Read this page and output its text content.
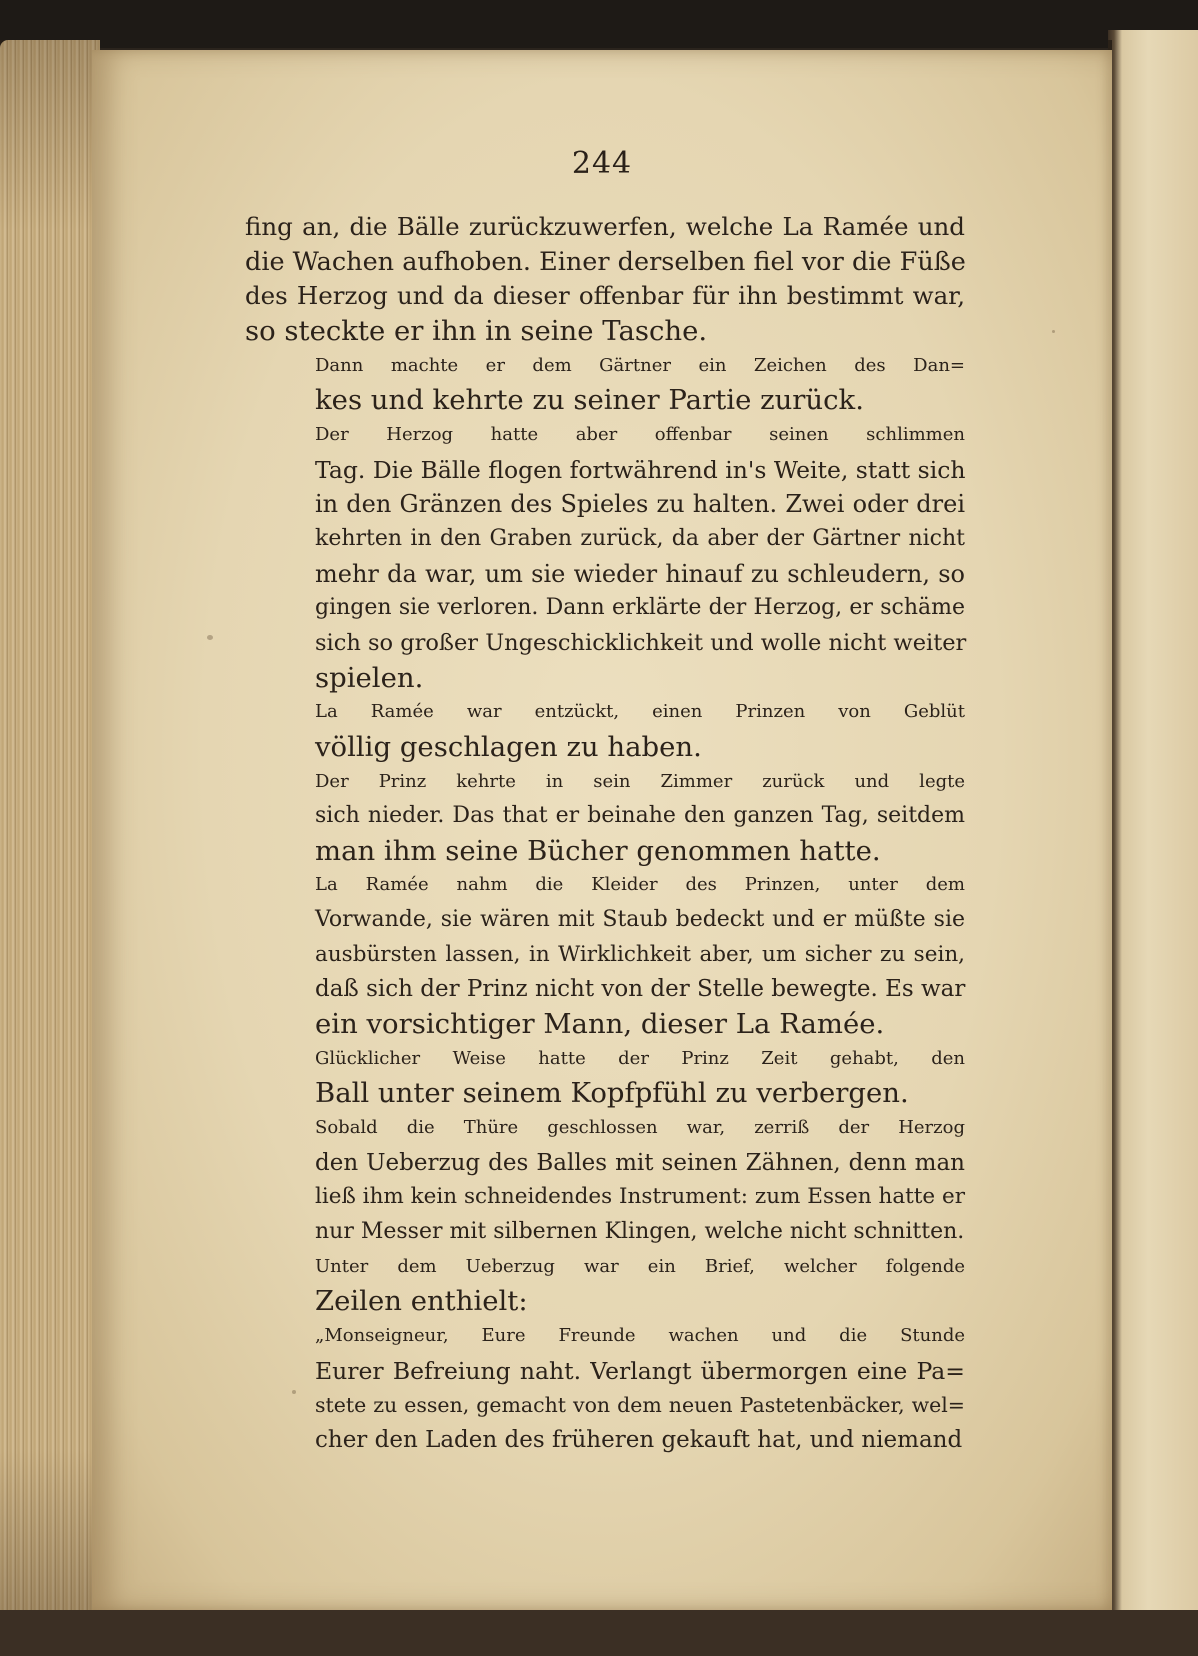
244

fing an, die Bälle zurückzuwerfen, welche La Ramée und
die Wachen aufhoben. Einer derselben fiel vor die Füße
des Herzog und da dieser offenbar für ihn bestimmt war,
so steckte er ihn in seine Tasche.

Dann machte er dem Gärtner ein Zeichen des Dan=
kes und kehrte zu seiner Partie zurück.

Der Herzog hatte aber offenbar seinen schlimmen
Tag. Die Bälle flogen fortwährend in's Weite, statt sich
in den Gränzen des Spieles zu halten. Zwei oder drei
kehrten in den Graben zurück, da aber der Gärtner nicht
mehr da war, um sie wieder hinauf zu schleudern, so
gingen sie verloren. Dann erklärte der Herzog, er schäme
sich so großer Ungeschicklichkeit und wolle nicht weiter
spielen.

La Ramée war entzückt, einen Prinzen von Geblüt
völlig geschlagen zu haben.

Der Prinz kehrte in sein Zimmer zurück und legte
sich nieder. Das that er beinahe den ganzen Tag, seitdem
man ihm seine Bücher genommen hatte.

La Ramée nahm die Kleider des Prinzen, unter dem
Vorwande, sie wären mit Staub bedeckt und er müßte sie
ausbürsten lassen, in Wirklichkeit aber, um sicher zu sein,
daß sich der Prinz nicht von der Stelle bewegte. Es war
ein vorsichtiger Mann, dieser La Ramée.

Glücklicher Weise hatte der Prinz Zeit gehabt, den
Ball unter seinem Kopfpfühl zu verbergen.

Sobald die Thüre geschlossen war, zerriß der Herzog
den Ueberzug des Balles mit seinen Zähnen, denn man
ließ ihm kein schneidendes Instrument: zum Essen hatte er
nur Messer mit silbernen Klingen, welche nicht schnitten.

Unter dem Ueberzug war ein Brief, welcher folgende
Zeilen enthielt:

„Monseigneur, Eure Freunde wachen und die Stunde
Eurer Befreiung naht. Verlangt übermorgen eine Pa=
stete zu essen, gemacht von dem neuen Pastetenbäcker, wel=
cher den Laden des früheren gekauft hat, und niemand
